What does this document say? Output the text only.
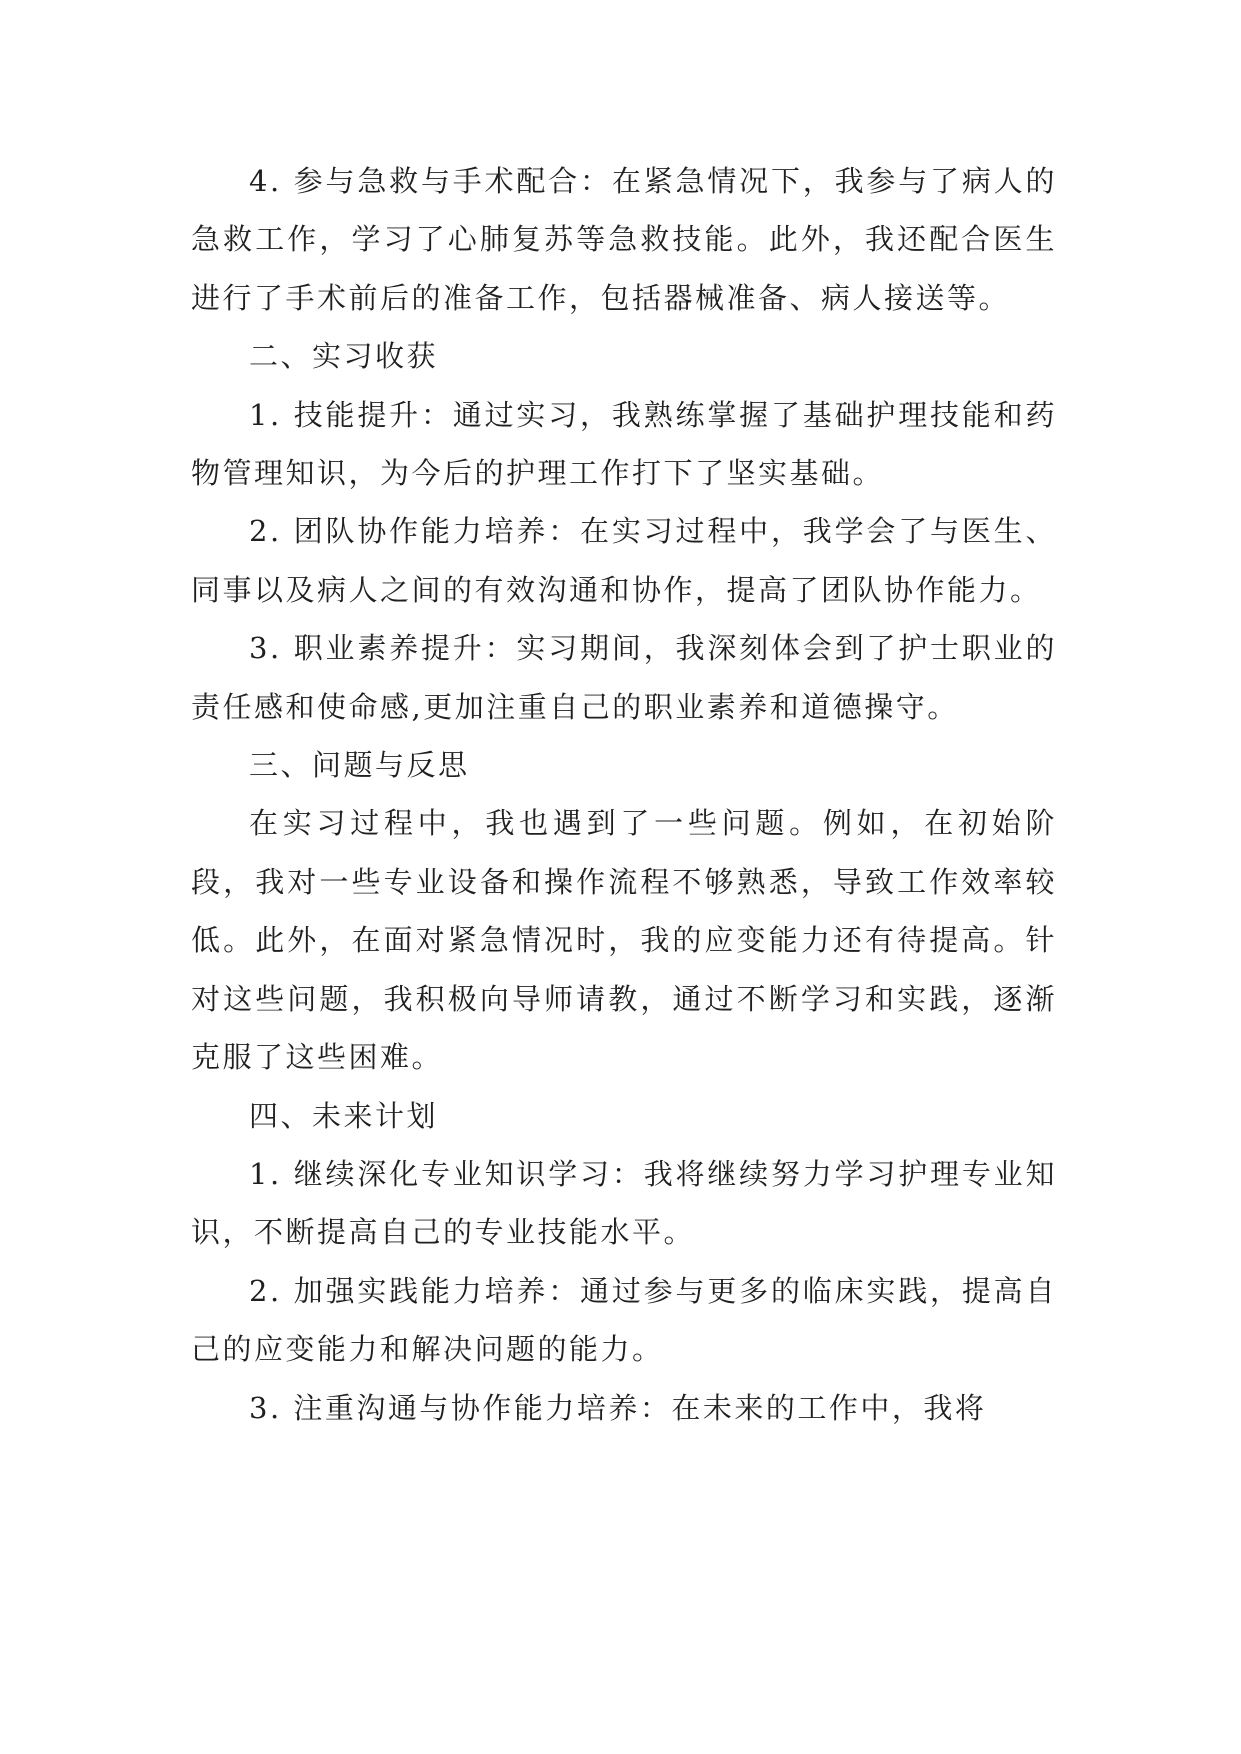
4. 参与急救与手术配合：在紧急情况下，我参与了病人的急救工作，学习了心肺复苏等急救技能。此外，我还配合医生进行了手术前后的准备工作，包括器械准备、病人接送等。

二、实习收获

1. 技能提升：通过实习，我熟练掌握了基础护理技能和药物管理知识，为今后的护理工作打下了坚实基础。

2. 团队协作能力培养：在实习过程中，我学会了与医生、同事以及病人之间的有效沟通和协作，提高了团队协作能力。

3. 职业素养提升：实习期间，我深刻体会到了护士职业的责任感和使命感,更加注重自己的职业素养和道德操守。

三、问题与反思

在实习过程中，我也遇到了一些问题。例如，在初始阶段，我对一些专业设备和操作流程不够熟悉，导致工作效率较低。此外，在面对紧急情况时，我的应变能力还有待提高。针对这些问题，我积极向导师请教，通过不断学习和实践，逐渐克服了这些困难。

四、未来计划

1. 继续深化专业知识学习：我将继续努力学习护理专业知识，不断提高自己的专业技能水平。

2. 加强实践能力培养：通过参与更多的临床实践，提高自己的应变能力和解决问题的能力。

3. 注重沟通与协作能力培养：在未来的工作中，我将
